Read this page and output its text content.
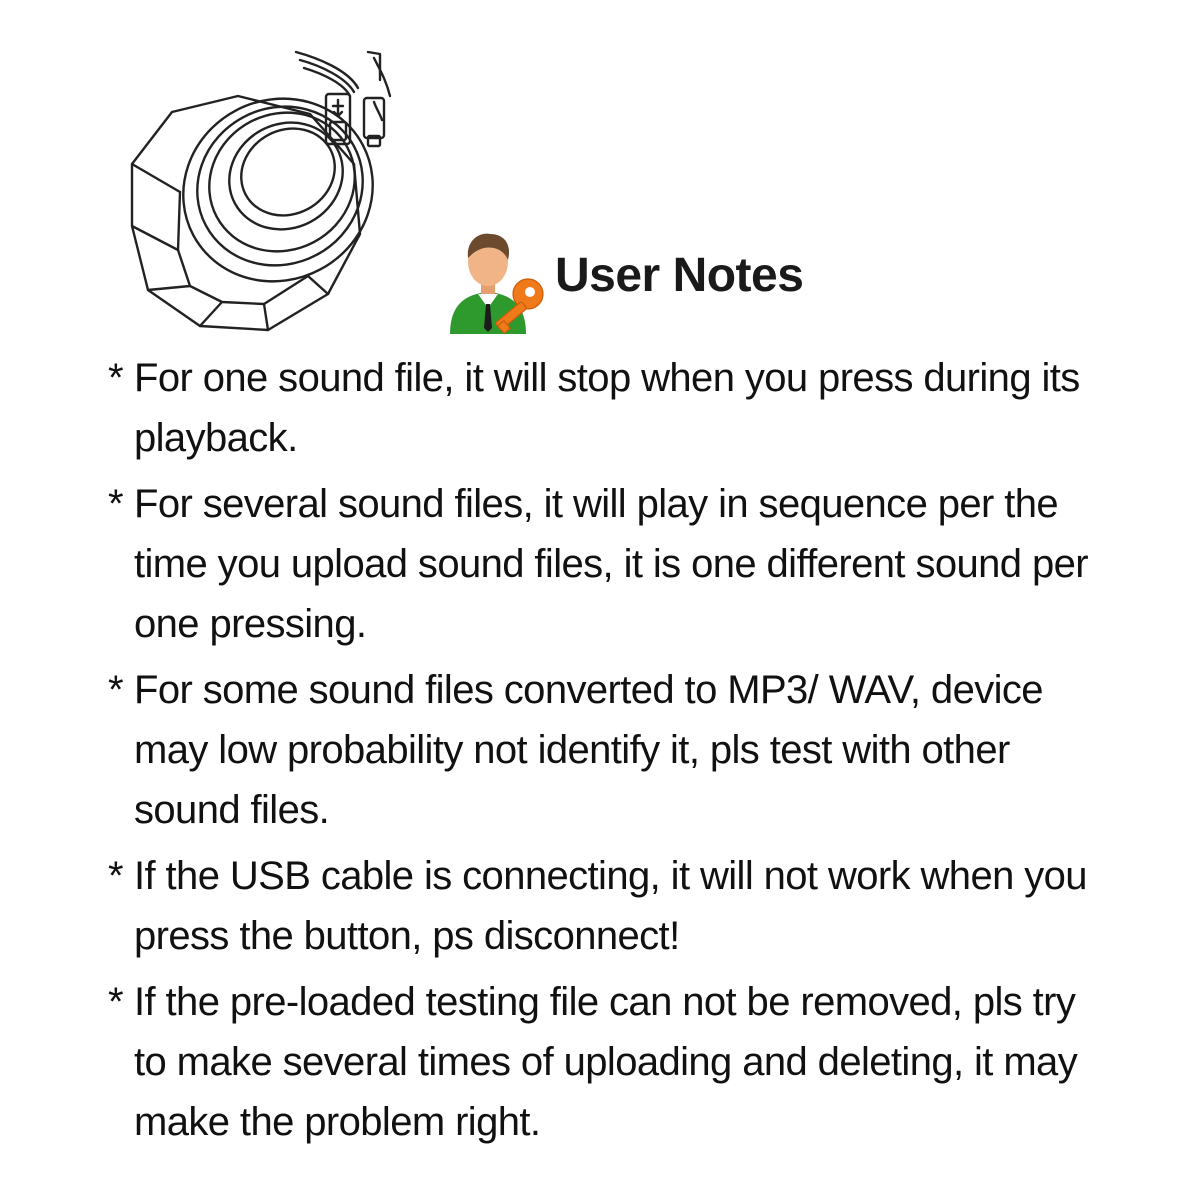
User Notes
* For one sound file, it will stop when you press during its playback.
* For several sound files, it will play in sequence per the time you upload sound files, it is one different sound per one pressing.
* For some sound files converted to MP3/ WAV, device may low probability not identify it, pls test with other sound files.
* If the USB cable is connecting, it will not work when you press the button, ps disconnect!
* If the pre-loaded testing file can not be removed, pls try to make several times of uploading and deleting, it may make the problem right.
